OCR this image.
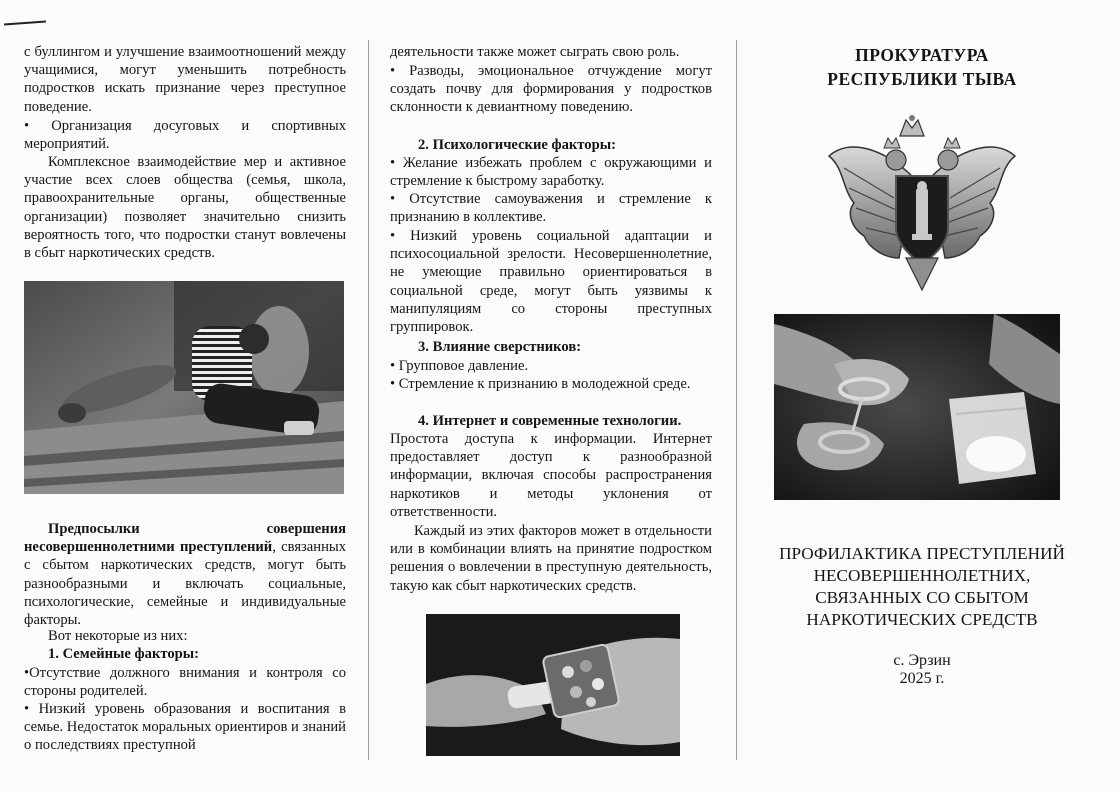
с буллингом и улучшение взаимоотношений между учащимися, могут уменьшить потребность подростков искать признание через преступное поведение.

• Организация досуговых и спортивных мероприятий.

Комплексное взаимодействие мер и активное участие всех слоев общества (семья, школа, правоохранительные органы, общественные организации) позволяет значительно снизить вероятность того, что подростки станут вовлечены в сбыт наркотических средств.

Предпосылки совершения несовершеннолетними преступлений, связанных с сбытом наркотических средств, могут быть разнообразными и включать социальные, психологические, семейные и индивидуальные факторы.

Вот некоторые из них:

1. Семейные факторы:

•Отсутствие должного внимания и контроля со стороны родителей.

• Низкий уровень образования и воспитания в семье. Недостаток моральных ориентиров и знаний о последствиях преступной

деятельности также может сыграть свою роль.

• Разводы, эмоциональное отчуждение могут создать почву для формирования у подростков склонности к девиантному поведению.

2. Психологические факторы:

• Желание избежать проблем с окружающими и стремление к быстрому заработку.

• Отсутствие самоуважения и стремление к признанию в коллективе.

• Низкий уровень социальной адаптации и психосоциальной зрелости. Несовершеннолетние, не умеющие правильно ориентироваться в социальной среде, могут быть уязвимы к манипуляциям со стороны преступных группировок.

3. Влияние сверстников:

• Групповое давление.

• Стремление к признанию в молодежной среде.

4. Интернет и современные технологии.

Простота доступа к информации. Интернет предоставляет доступ к разнообразной информации, включая способы распространения наркотиков и методы уклонения от ответственности.

Каждый из этих факторов может в отдельности или в комбинации влиять на принятие подростком решения о вовлечении в преступную деятельность, такую как сбыт наркотических средств.

ПРОКУРАТУРА
РЕСПУБЛИКИ ТЫВА
ПРОФИЛАКТИКА ПРЕСТУПЛЕНИЙ
НЕСОВЕРШЕННОЛЕТНИХ,
СВЯЗАННЫХ СО СБЫТОМ
НАРКОТИЧЕСКИХ СРЕДСТВ
с. Эрзин
2025 г.
